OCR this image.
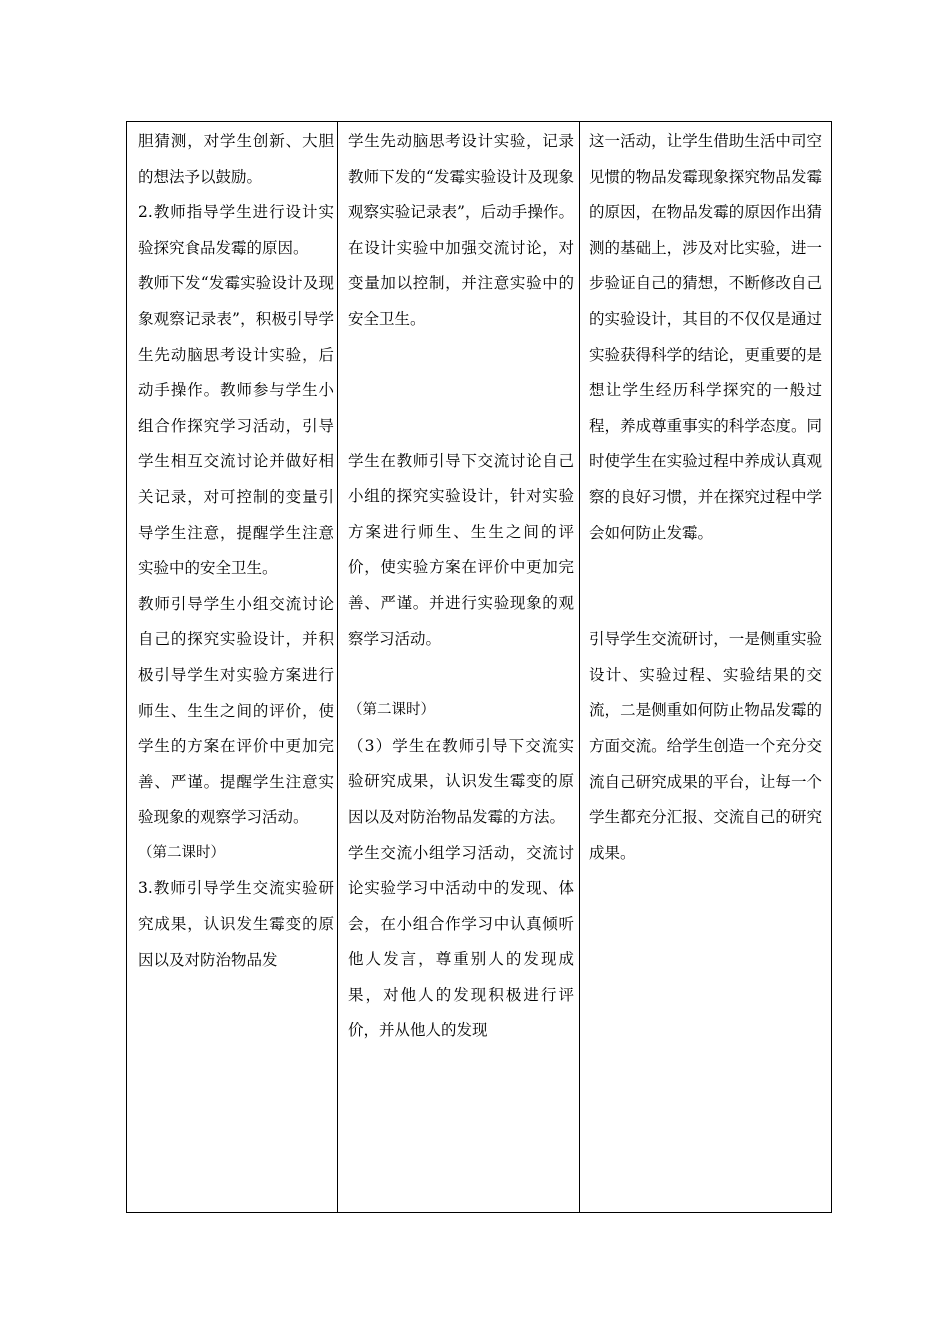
胆猜测，对学生创新、大胆的想法予以鼓励。

2.教师指导学生进行设计实验探究食品发霉的原因。

教师下发“发霉实验设计及现象观察记录表”，积极引导学生先动脑思考设计实验，后动手操作。教师参与学生小组合作探究学习活动，引导学生相互交流讨论并做好相关记录，对可控制的变量引导学生注意，提醒学生注意实验中的安全卫生。

教师引导学生小组交流讨论自己的探究实验设计，并积极引导学生对实验方案进行师生、生生之间的评价，使学生的方案在评价中更加完善、严谨。提醒学生注意实验现象的观察学习活动。

（第二课时）

3.教师引导学生交流实验研究成果，认识发生霉变的原因以及对防治物品发

学生先动脑思考设计实验，记录教师下发的“发霉实验设计及现象观察实验记录表”，后动手操作。在设计实验中加强交流讨论，对变量加以控制，并注意实验中的安全卫生。

学生在教师引导下交流讨论自己小组的探究实验设计，针对实验方案进行师生、生生之间的评价，使实验方案在评价中更加完善、严谨。并进行实验现象的观察学习活动。

（第二课时）

（3）学生在教师引导下交流实验研究成果，认识发生霉变的原因以及对防治物品发霉的方法。

学生交流小组学习活动，交流讨论实验学习中活动中的发现、体会，在小组合作学习中认真倾听他人发言，尊重别人的发现成果，对他人的发现积极进行评价，并从他人的发现

这一活动，让学生借助生活中司空见惯的物品发霉现象探究物品发霉的原因，在物品发霉的原因作出猜测的基础上，涉及对比实验，进一步验证自己的猜想，不断修改自己的实验设计，其目的不仅仅是通过实验获得科学的结论，更重要的是想让学生经历科学探究的一般过程，养成尊重事实的科学态度。同时使学生在实验过程中养成认真观察的良好习惯，并在探究过程中学会如何防止发霉。

引导学生交流研讨，一是侧重实验设计、实验过程、实验结果的交流，二是侧重如何防止物品发霉的方面交流。给学生创造一个充分交流自己研究成果的平台，让每一个学生都充分汇报、交流自己的研究成果。
